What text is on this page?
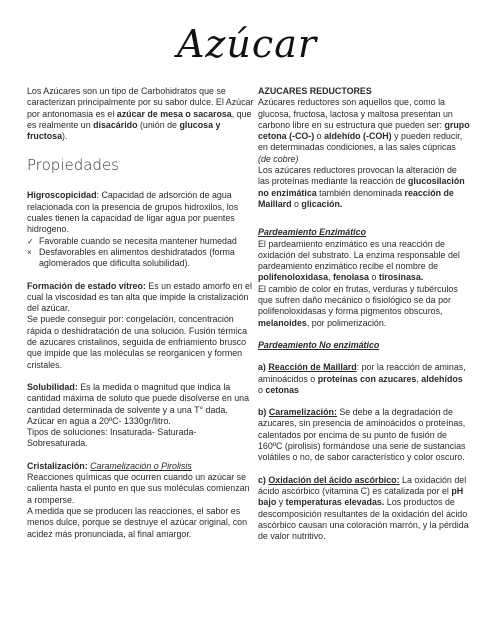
Azúcar

Los Azúcares son un tipo de Carbohidratos que se caracterizan principalmente por su sabor dulce. El Azúcar por antonomasia es el azúcar de mesa o sacarosa, que es realmente un disacárido (unión de glucosa y fructosa).

Propiedades

Higroscopicidad: Capacidad de adsorción de agua relacionada con la presencia de grupos hidroxilos, los cuales tienen la capacidad de ligar agua por puentes hidrogeno.

✓ Favorable cuando se necesita mantener humedad
× Desfavorables en alimentos deshidratados (forma aglomerados que dificulta solubilidad).

Formación de estado vítreo: Es un estado amorfo en el cual la viscosidad es tan alta que impide la cristalización del azúcar.

Se puede conseguir por: congelación, concentración rápida o deshidratación de una solución. Fusión térmica de azucares cristalinos, seguida de enfriamiento brusco que impide que las moléculas se reorganicen y formen cristales.

Solubilidad: Es la medida o magnitud que indica la cantidad máxima de soluto que puede disolverse en una cantidad determinada de solvente y a una T° dada. Azúcar en agua a 20ºC- 1330gr/litro.

Tipos de soluciones: Insaturada- Saturada- Sobresaturada.

Cristalización: Caramelización o Pirolisis

Reacciones químicas que ocurren cuando un azúcar se calienta hasta el punto en que sus moléculas comienzan a romperse.

A medida que se producen las reacciones, el sabor es menos dulce, porque se destruye el azúcar original, con acidez más pronunciada, al final amargor.

AZUCARES REDUCTORES

Azúcares reductores son aquellos que, como la glucosa, fructosa, lactosa y maltosa presentan un carbono libre en su estructura que pueden ser: grupo cetona (-CO-) o aldehído (-COH) y pueden reducir, en determinadas condiciones, a las sales cúpricas (de cobre)

Los azúcares reductores provocan la alteración de las proteínas mediante la reacción de glucosilación no enzimática también denominada reacción de Maillard o glicación.

Pardeamiento Enzimático

El pardeamiento enzimático es una reacción de oxidación del substrato. La enzima responsable del pardeamiento enzimático recibe el nombre de polifenoloxidasa, fenolasa o tirosinasa.

El cambio de color en frutas, verduras y tubérculos que sufren daño mecánico o fisiológico se da por polifenoloxidasas y forma pigmentos obscuros, melanoides, por polimerización.

Pardeamiento No enzimático

a) Reacción de Maillard: por la reacción de aminas, aminoácidos o proteínas con azucares, aldehídos o cetonas

b) Caramelización: Se debe a la degradación de azucares, sin presencia de aminoácidos o proteínas, calentados por encima de su punto de fusión de 160ºC (pirolisis) formándose una serie de sustancias volátiles o no, de sabor característico y color oscuro.

c) Oxidación del ácido ascórbico: La oxidación del ácido ascórbico (vitamina C) es catalizada por el pH bajo y temperaturas elevadas. Los productos de descomposición resultantes de la oxidación del ácido ascórbico causan una coloración marrón, y la pérdida de valor nutritivo.
